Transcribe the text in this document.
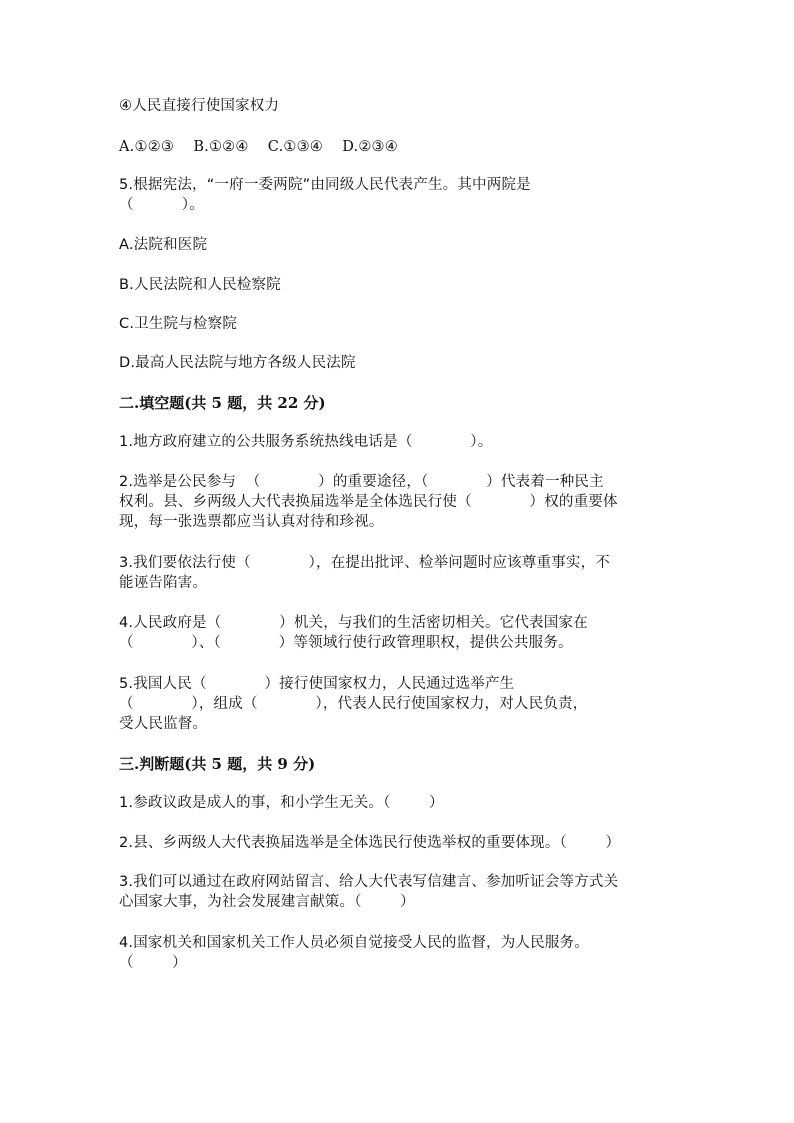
④人民直接行使国家权力
A.①②③    B.①②④    C.①③④    D.②③④
5.根据宪法，“一府一委两院”由同级人民代表产生。其中两院是
（          ）。
A.法院和医院
B.人民法院和人民检察院
C.卫生院与检察院
D.最高人民法院与地方各级人民法院
二.填空题(共 5 题，共 22 分)
1.地方政府建立的公共服务系统热线电话是（            ）。
2.选举是公民参与  （            ）的重要途径，（            ）代表着一种民主
权利。县、乡两级人大代表换届选举是全体选民行使（            ）权的重要体
现，每一张选票都应当认真对待和珍视。
3.我们要依法行使（            ），在提出批评、检举问题时应该尊重事实，不
能诬告陷害。
4.人民政府是（            ）机关，与我们的生活密切相关。它代表国家在
（            ）、（            ）等领域行使行政管理职权，提供公共服务。
5.我国人民（            ）接行使国家权力，人民通过选举产生
（            ），组成（            ），代表人民行使国家权力，对人民负责，
受人民监督。
三.判断题(共 5 题，共 9 分)
1.参政议政是成人的事，和小学生无关。（        ）
2.县、乡两级人大代表换届选举是全体选民行使选举权的重要体现。（        ）
3.我们可以通过在政府网站留言、给人大代表写信建言、参加听证会等方式关
心国家大事，为社会发展建言献策。（        ）
4.国家机关和国家机关工作人员必须自觉接受人民的监督，为人民服务。
（        ）
